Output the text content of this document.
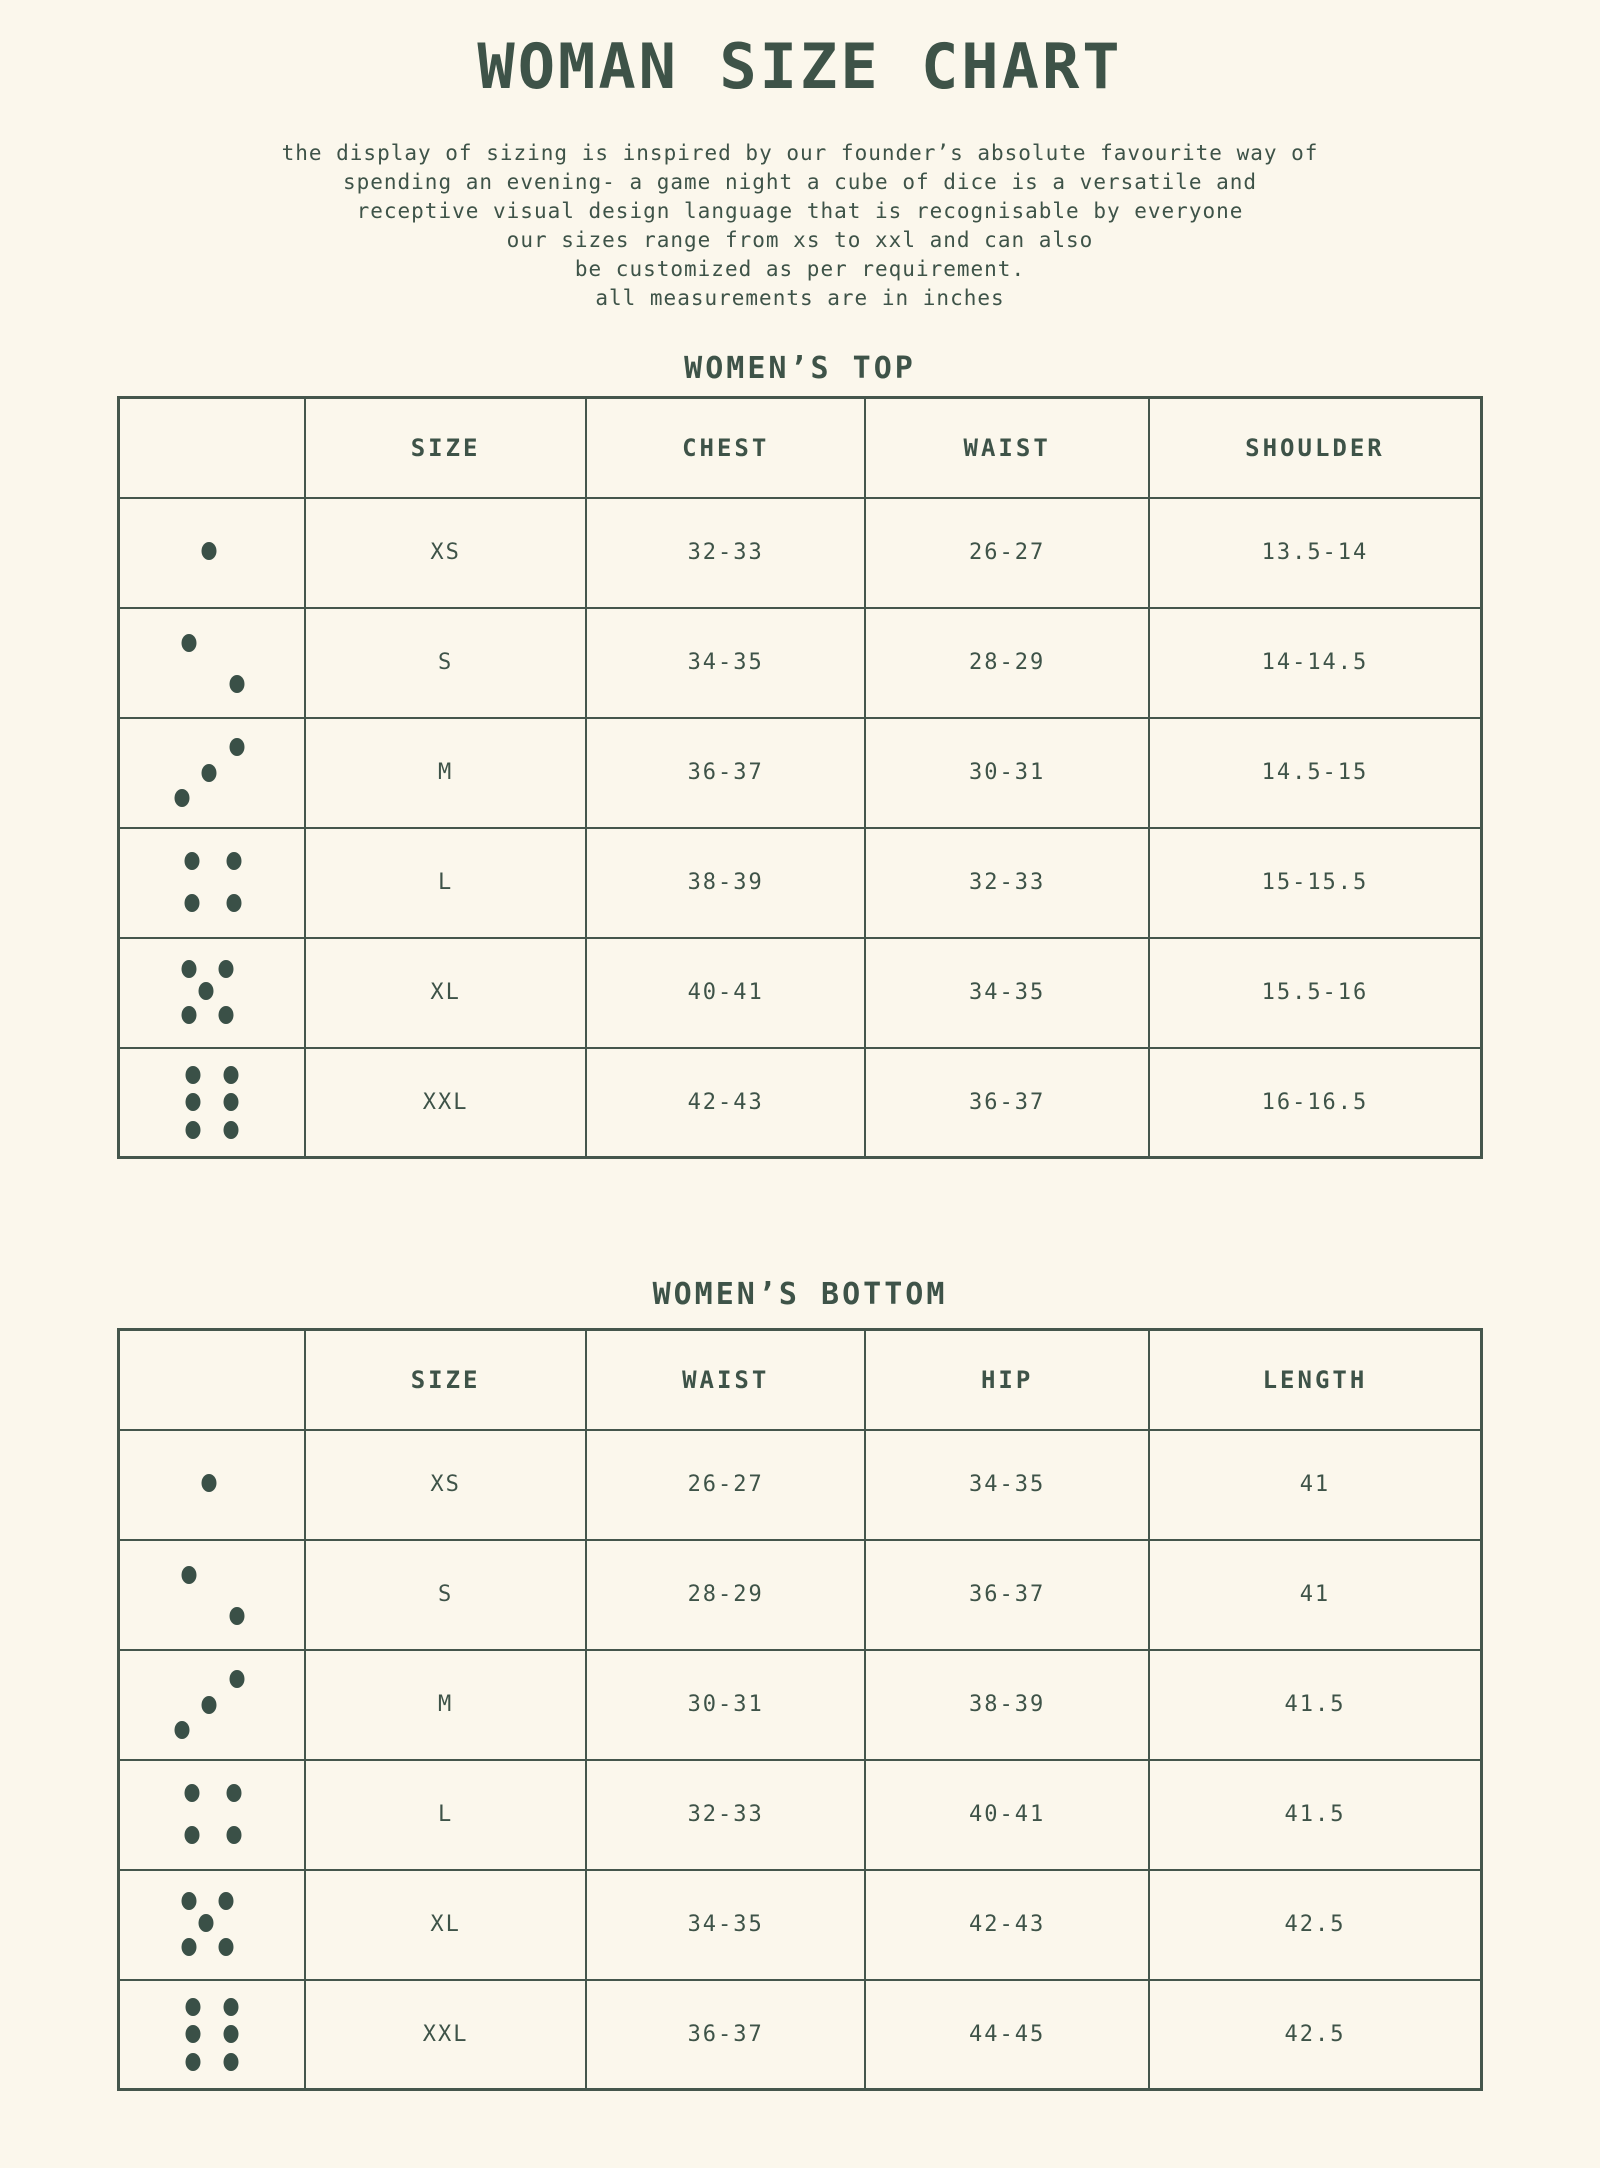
WOMAN SIZE CHART

the display of sizing is inspired by our founder’s absolute favourite way of

spending an evening- a game night a cube of dice is a versatile and

receptive visual design language that is recognisable by everyone

our sizes range from xs to xxl and can also

be customized as per requirement.

all measurements are in inches

WOMEN’S TOP
	SIZE	CHEST	WAIST	SHOULDER

	XS	32-33	26-27	13.5-14

	S	34-35	28-29	14-14.5

	M	36-37	30-31	14.5-15

	L	38-39	32-33	15-15.5

	XL	40-41	34-35	15.5-16

	XXL	42-43	36-37	16-16.5
WOMEN’S BOTTOM
	SIZE	WAIST	HIP	LENGTH

	XS	26-27	34-35	41

	S	28-29	36-37	41

	M	30-31	38-39	41.5

	L	32-33	40-41	41.5

	XL	34-35	42-43	42.5

	XXL	36-37	44-45	42.5
